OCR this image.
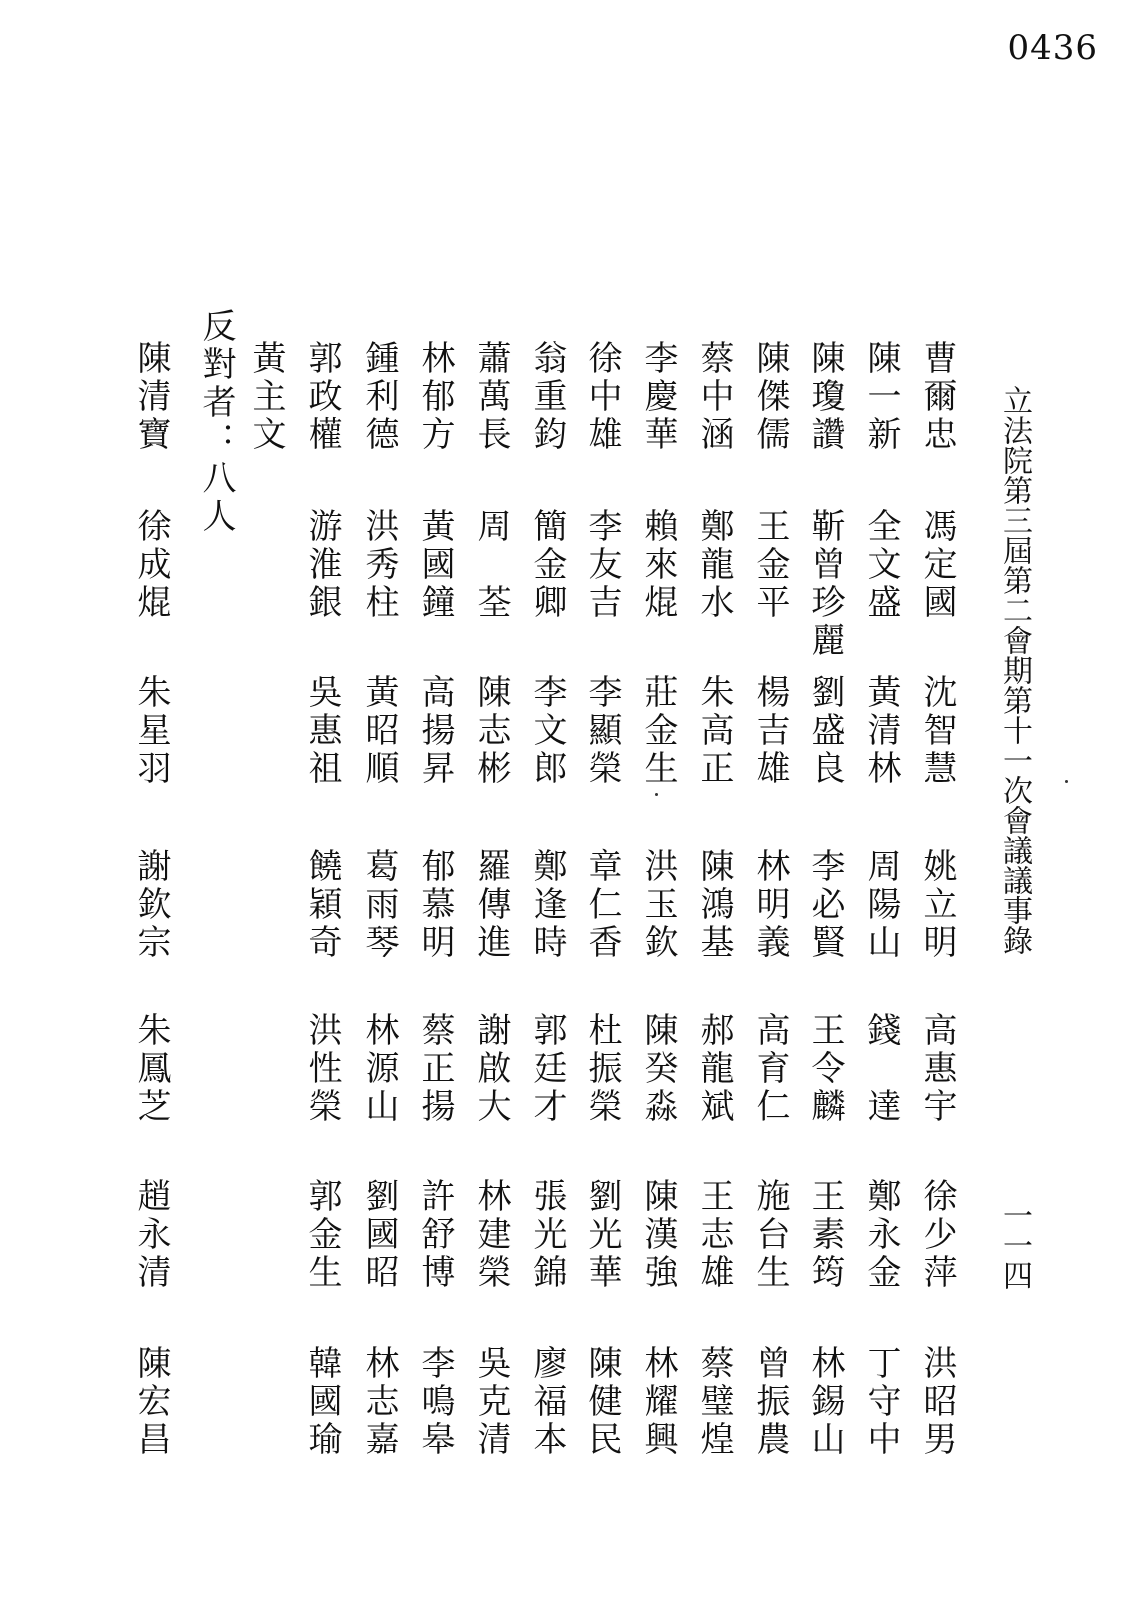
0436
立法院第三屆第二會期第十一次會議議事錄
一一四
曹爾忠
馮定國
沈智慧
姚立明
高惠宇
徐少萍
洪昭男
陳一新
全文盛
黃清林
周陽山
錢　達
鄭永金
丁守中
陳瓊讚
靳曾珍麗
劉盛良
李必賢
王令麟
王素筠
林錫山
陳傑儒
王金平
楊吉雄
林明義
高育仁
施台生
曾振農
蔡中涵
鄭龍水
朱高正
陳鴻基
郝龍斌
王志雄
蔡璧煌
李慶華
賴來焜
莊金生
洪玉欽
陳癸淼
陳漢強
林耀興
徐中雄
李友吉
李顯榮
章仁香
杜振榮
劉光華
陳健民
翁重鈞
簡金卿
李文郎
鄭逢時
郭廷才
張光錦
廖福本
蕭萬長
周　荃
陳志彬
羅傳進
謝啟大
林建榮
吳克清
林郁方
黃國鐘
高揚昇
郁慕明
蔡正揚
許舒博
李鳴皋
鍾利德
洪秀柱
黃昭順
葛雨琴
林源山
劉國昭
林志嘉
郭政權
游淮銀
吳惠祖
饒穎奇
洪性榮
郭金生
韓國瑜
黃主文
反對者：八人
陳清寶
徐成焜
朱星羽
謝欽宗
朱鳳芝
趙永清
陳宏昌
